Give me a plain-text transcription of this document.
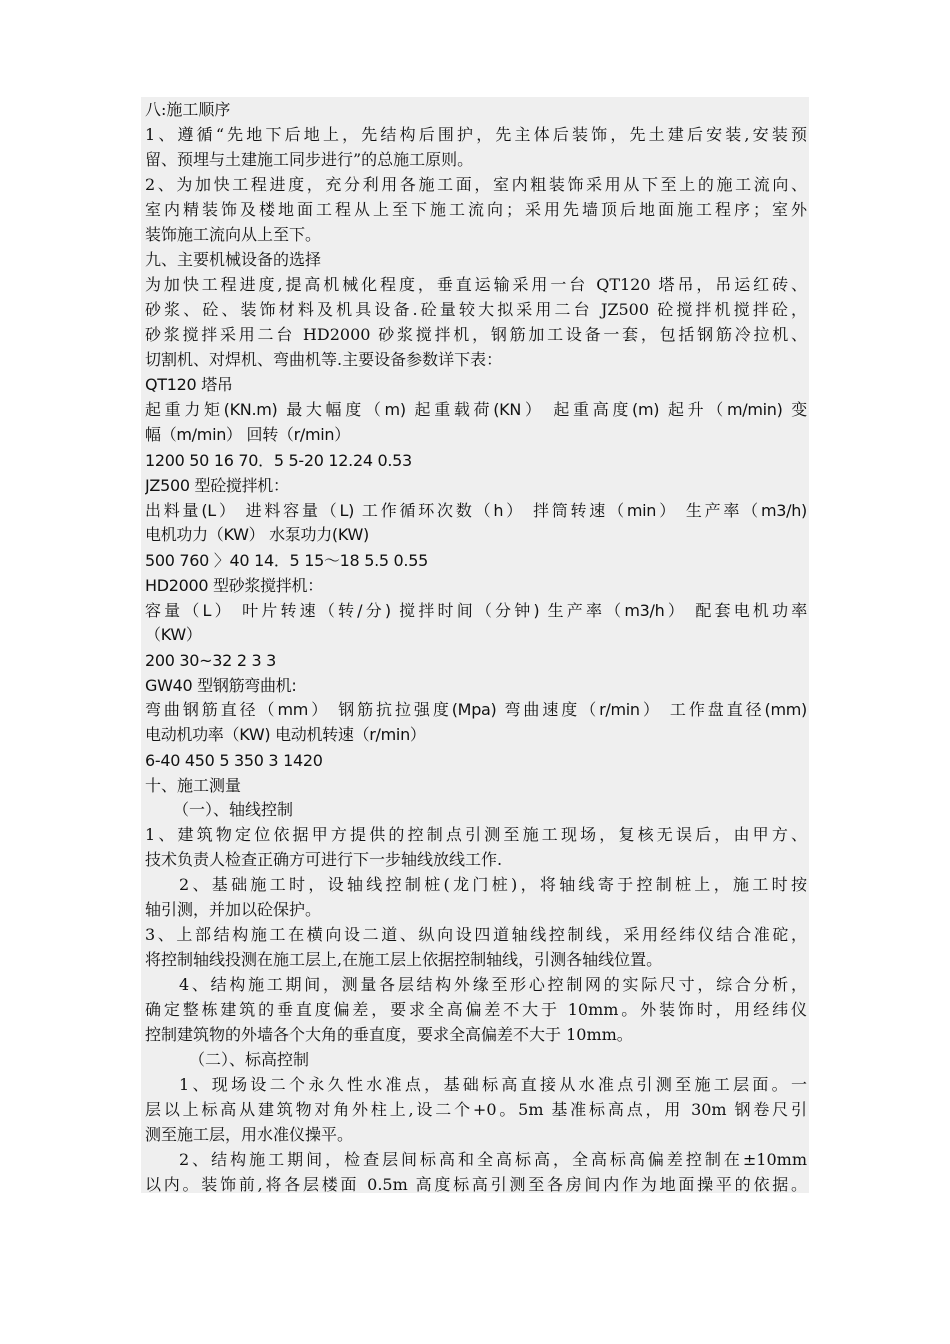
八:施工顺序
1、遵循“先地下后地上，先结构后围护，先主体后装饰，先土建后安装,安装预
留、预埋与土建施工同步进行”的总施工原则。
2、为加快工程进度，充分利用各施工面，室内粗装饰采用从下至上的施工流向、
室内精装饰及楼地面工程从上至下施工流向；采用先墙顶后地面施工程序；室外
装饰施工流向从上至下。
九、主要机械设备的选择
为加快工程进度,提高机械化程度，垂直运输采用一台 QT120 塔吊，吊运红砖、
砂浆、砼、装饰材料及机具设备.砼量较大拟采用二台 JZ500 砼搅拌机搅拌砼，
砂浆搅拌采用二台 HD2000 砂浆搅拌机，钢筋加工设备一套，包括钢筋冷拉机、
切割机、对焊机、弯曲机等.主要设备参数详下表：
QT120 塔吊
起重力矩(KN.m) 最大幅度（m) 起重载荷(KN） 起重高度(m) 起升（m/min) 变
幅（m/min） 回转（r/min）
1200 50 16 70．5 5-20 12.24 0.53
JZ500 型砼搅拌机：
出料量(L） 进料容量（L) 工作循环次数（h） 拌筒转速（min） 生产率（m3/h)
电机功力（KW） 水泵功力(KW)
500 760 〉40 14．5 15～18 5.5 0.55
HD2000 型砂浆搅拌机：
容量（L） 叶片转速（转/分) 搅拌时间（分钟) 生产率（m3/h） 配套电机功率
（KW）
200 30~32 2 3 3
GW40 型钢筋弯曲机:
弯曲钢筋直径（mm） 钢筋抗拉强度(Mpa) 弯曲速度（r/min） 工作盘直径(mm)
电动机功率（KW) 电动机转速（r/min）
6-40 450 5 350 3 1420
十、施工测量
（一）、轴线控制
1、建筑物定位依据甲方提供的控制点引测至施工现场，复核无误后，由甲方、
技术负责人检查正确方可进行下一步轴线放线工作.
2、基础施工时，设轴线控制桩(龙门桩)，将轴线寄于控制桩上，施工时按
轴引测，并加以砼保护。
3、上部结构施工在横向设二道、纵向设四道轴线控制线，采用经纬仪结合准砣，
将控制轴线投测在施工层上,在施工层上依据控制轴线，引测各轴线位置。
4、结构施工期间，测量各层结构外缘至形心控制网的实际尺寸，综合分析，
确定整栋建筑的垂直度偏差，要求全高偏差不大于 10mm。外装饰时，用经纬仪
控制建筑物的外墙各个大角的垂直度，要求全高偏差不大于 10mm。
（二）、标高控制
1、现场设二个永久性水准点，基础标高直接从水准点引测至施工层面。一
层以上标高从建筑物对角外柱上,设二个+0。5m 基准标高点，用 30m 钢卷尺引
测至施工层，用水准仪操平。
2、结构施工期间，检查层间标高和全高标高，全高标高偏差控制在±10mm
以内。装饰前,将各层楼面 0.5m 高度标高引测至各房间内作为地面操平的依据。
